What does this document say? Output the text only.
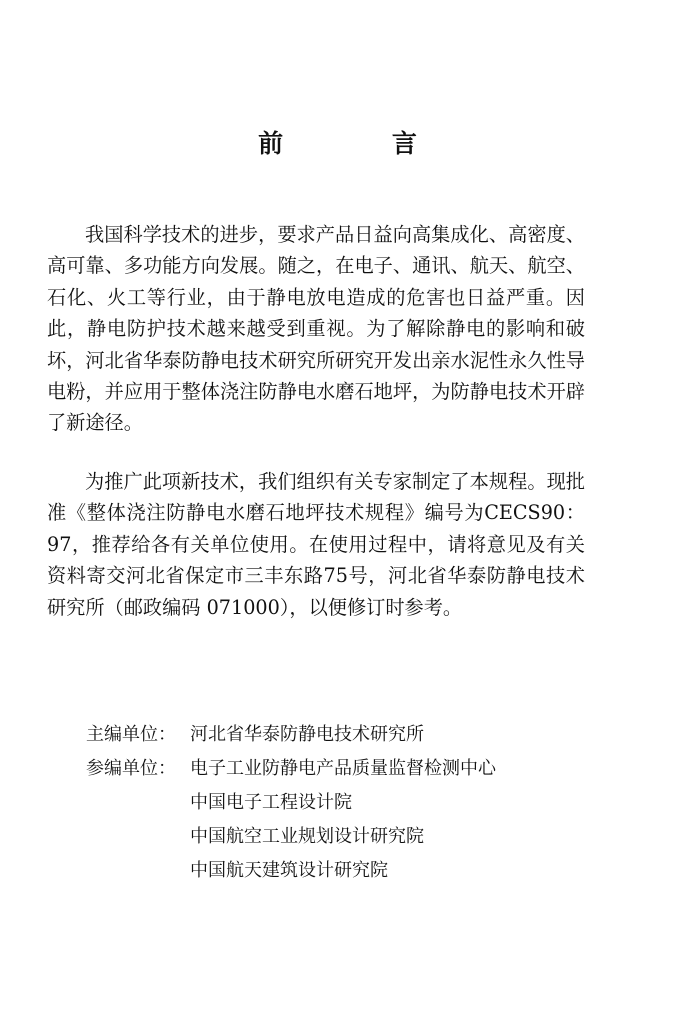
前 言

我国科学技术的进步，要求产品日益向高集成化、高密度、高可靠、多功能方向发展。随之，在电子、通讯、航天、航空、石化、火工等行业，由于静电放电造成的危害也日益严重。因此，静电防护技术越来越受到重视。为了解除静电的影响和破坏，河北省华泰防静电技术研究所研究开发出亲水泥性永久性导电粉，并应用于整体浇注防静电水磨石地坪，为防静电技术开辟了新途径。

为推广此项新技术，我们组织有关专家制定了本规程。现批准《整体浇注防静电水磨石地坪技术规程》编号为CECS90：97，推荐给各有关单位使用。在使用过程中，请将意见及有关资料寄交河北省保定市三丰东路75号，河北省华泰防静电技术研究所（邮政编码 071000），以便修订时参考。

主编单位： 河北省华泰防静电技术研究所
参编单位： 电子工业防静电产品质量监督检测中心
中国电子工程设计院
中国航空工业规划设计研究院
中国航天建筑设计研究院
